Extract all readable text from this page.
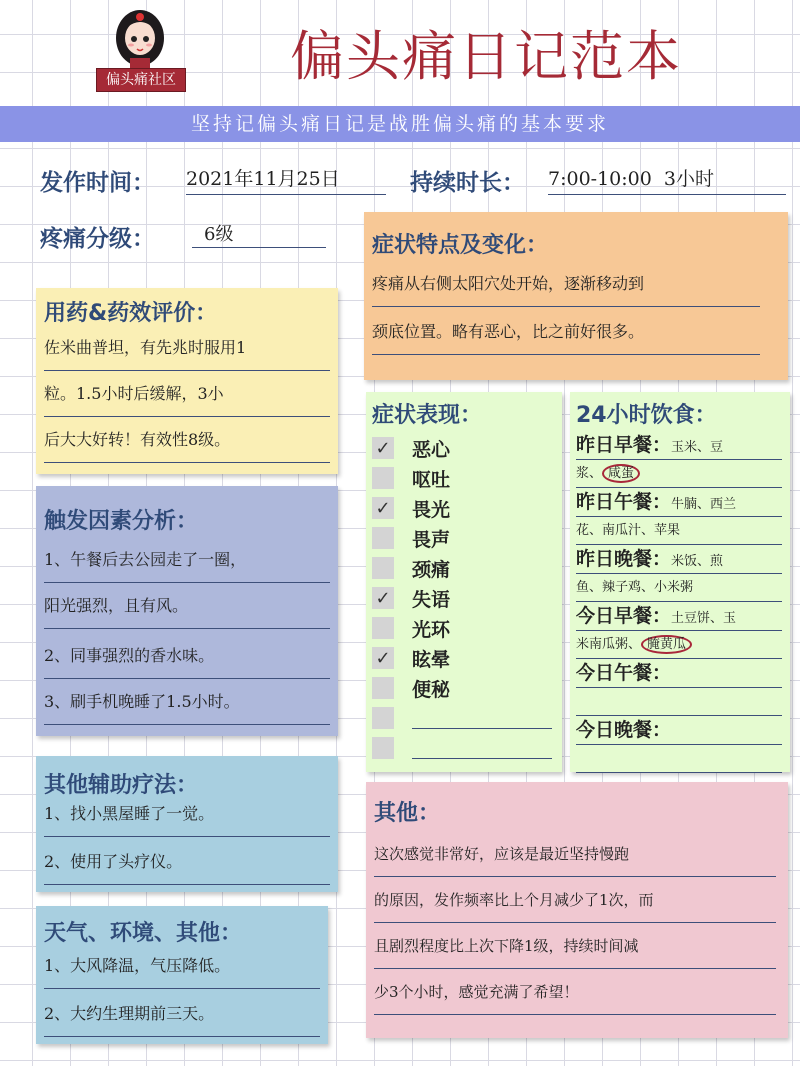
偏头痛社区 偏头痛日记范本
坚持记偏头痛日记是战胜偏头痛的基本要求
发作时间： 2021年11月25日	持续时长： 7:00-10:00  3小时
疼痛分级：	6级	症状特点及变化：
疼痛从右侧太阳穴处开始，逐渐移动到
颈底位置。略有恶心，比之前好很多。
用药&药效评价：
佐米曲普坦，有先兆时服用1
粒。1.5小时后缓解，3小
后大大好转！有效性8级。
触发因素分析：
1、午餐后去公园走了一圈，
阳光强烈，且有风。
2、同事强烈的香水味。
3、刷手机晚睡了1.5小时。
症状表现：
✓ 恶心
呕吐
✓ 畏光
畏声
颈痛
✓ 失语
光环
✓ 眩晕
便秘
24小时饮食：
昨日早餐：玉米、豆
浆、 咸蛋
昨日午餐：牛腩、西兰
花、南瓜汁、苹果
昨日晚餐：米饭、煎
鱼、辣子鸡、小米粥
今日早餐：土豆饼、玉
米南瓜粥、 腌黄瓜
今日午餐：
今日晚餐：
其他辅助疗法：
1、找小黑屋睡了一觉。
2、使用了头疗仪。
天气、环境、其他：
1、大风降温，气压降低。
2、大约生理期前三天。
其他：
这次感觉非常好，应该是最近坚持慢跑
的原因，发作频率比上个月减少了1次，而
且剧烈程度比上次下降1级，持续时间减
少3个小时，感觉充满了希望！
